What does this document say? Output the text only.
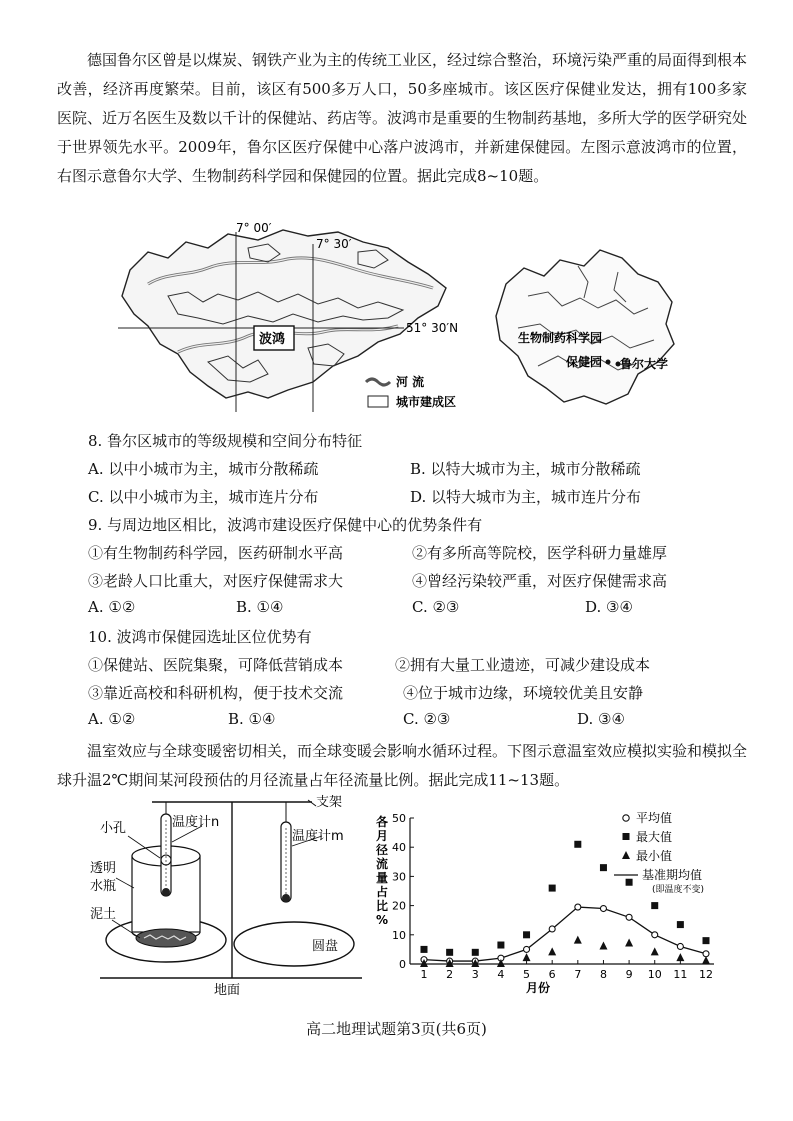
德国鲁尔区曾是以煤炭、钢铁产业为主的传统工业区，经过综合整治，环境污染严重的局面得到根本改善，经济再度繁荣。目前，该区有500多万人口，50多座城市。该区医疗保健业发达，拥有100多家医院、近万名医生及数以千计的保健站、药店等。波鸿市是重要的生物制药基地，多所大学的医学研究处于世界领先水平。2009年，鲁尔区医疗保健中心落户波鸿市，并新建保健园。左图示意波鸿市的位置，右图示意鲁尔大学、生物制药科学园和保健园的位置。据此完成8~10题。

7° 00′
7° 30′
51° 30′N
波鸿
河 流
城市建成区
生物制药科学园
保健园 鲁尔大学
8. 鲁尔区城市的等级规模和空间分布特征
A. 以中小城市为主，城市分散稀疏	B. 以特大城市为主，城市分散稀疏
C. 以中小城市为主，城市连片分布	D. 以特大城市为主，城市连片分布
9. 与周边地区相比，波鸿市建设医疗保健中心的优势条件有
①有生物制药科学园，医药研制水平高	②有多所高等院校，医学科研力量雄厚
③老龄人口比重大，对医疗保健需求大	④曾经污染较严重，对医疗保健需求高
A. ①②	B. ①④	C. ②③	D. ③④
10. 波鸿市保健园选址区位优势有
①保健站、医院集聚，可降低营销成本	②拥有大量工业遗迹，可减少建设成本
③靠近高校和科研机构，便于技术交流	④位于城市边缘，环境较优美且安静
A. ①②	B. ①④	C. ②③	D. ③④

温室效应与全球变暖密切相关，而全球变暖会影响水循环过程。下图示意温室效应模拟实验和模拟全球升温2℃期间某河段预估的月径流量占年径流量比例。据此完成11~13题。

支架
小孔	温度计n
温度计m
透明
水瓶
泥土
圆盘
地面
各
月
径
流
量
占
比
%
0
10
20
30
40
50
1 2 3 4 5 6 7 8 9 10 11 12
月份
平均值
最大值
最小值
基准期均值
(即温度不变)
高二地理试题第3页(共6页)
